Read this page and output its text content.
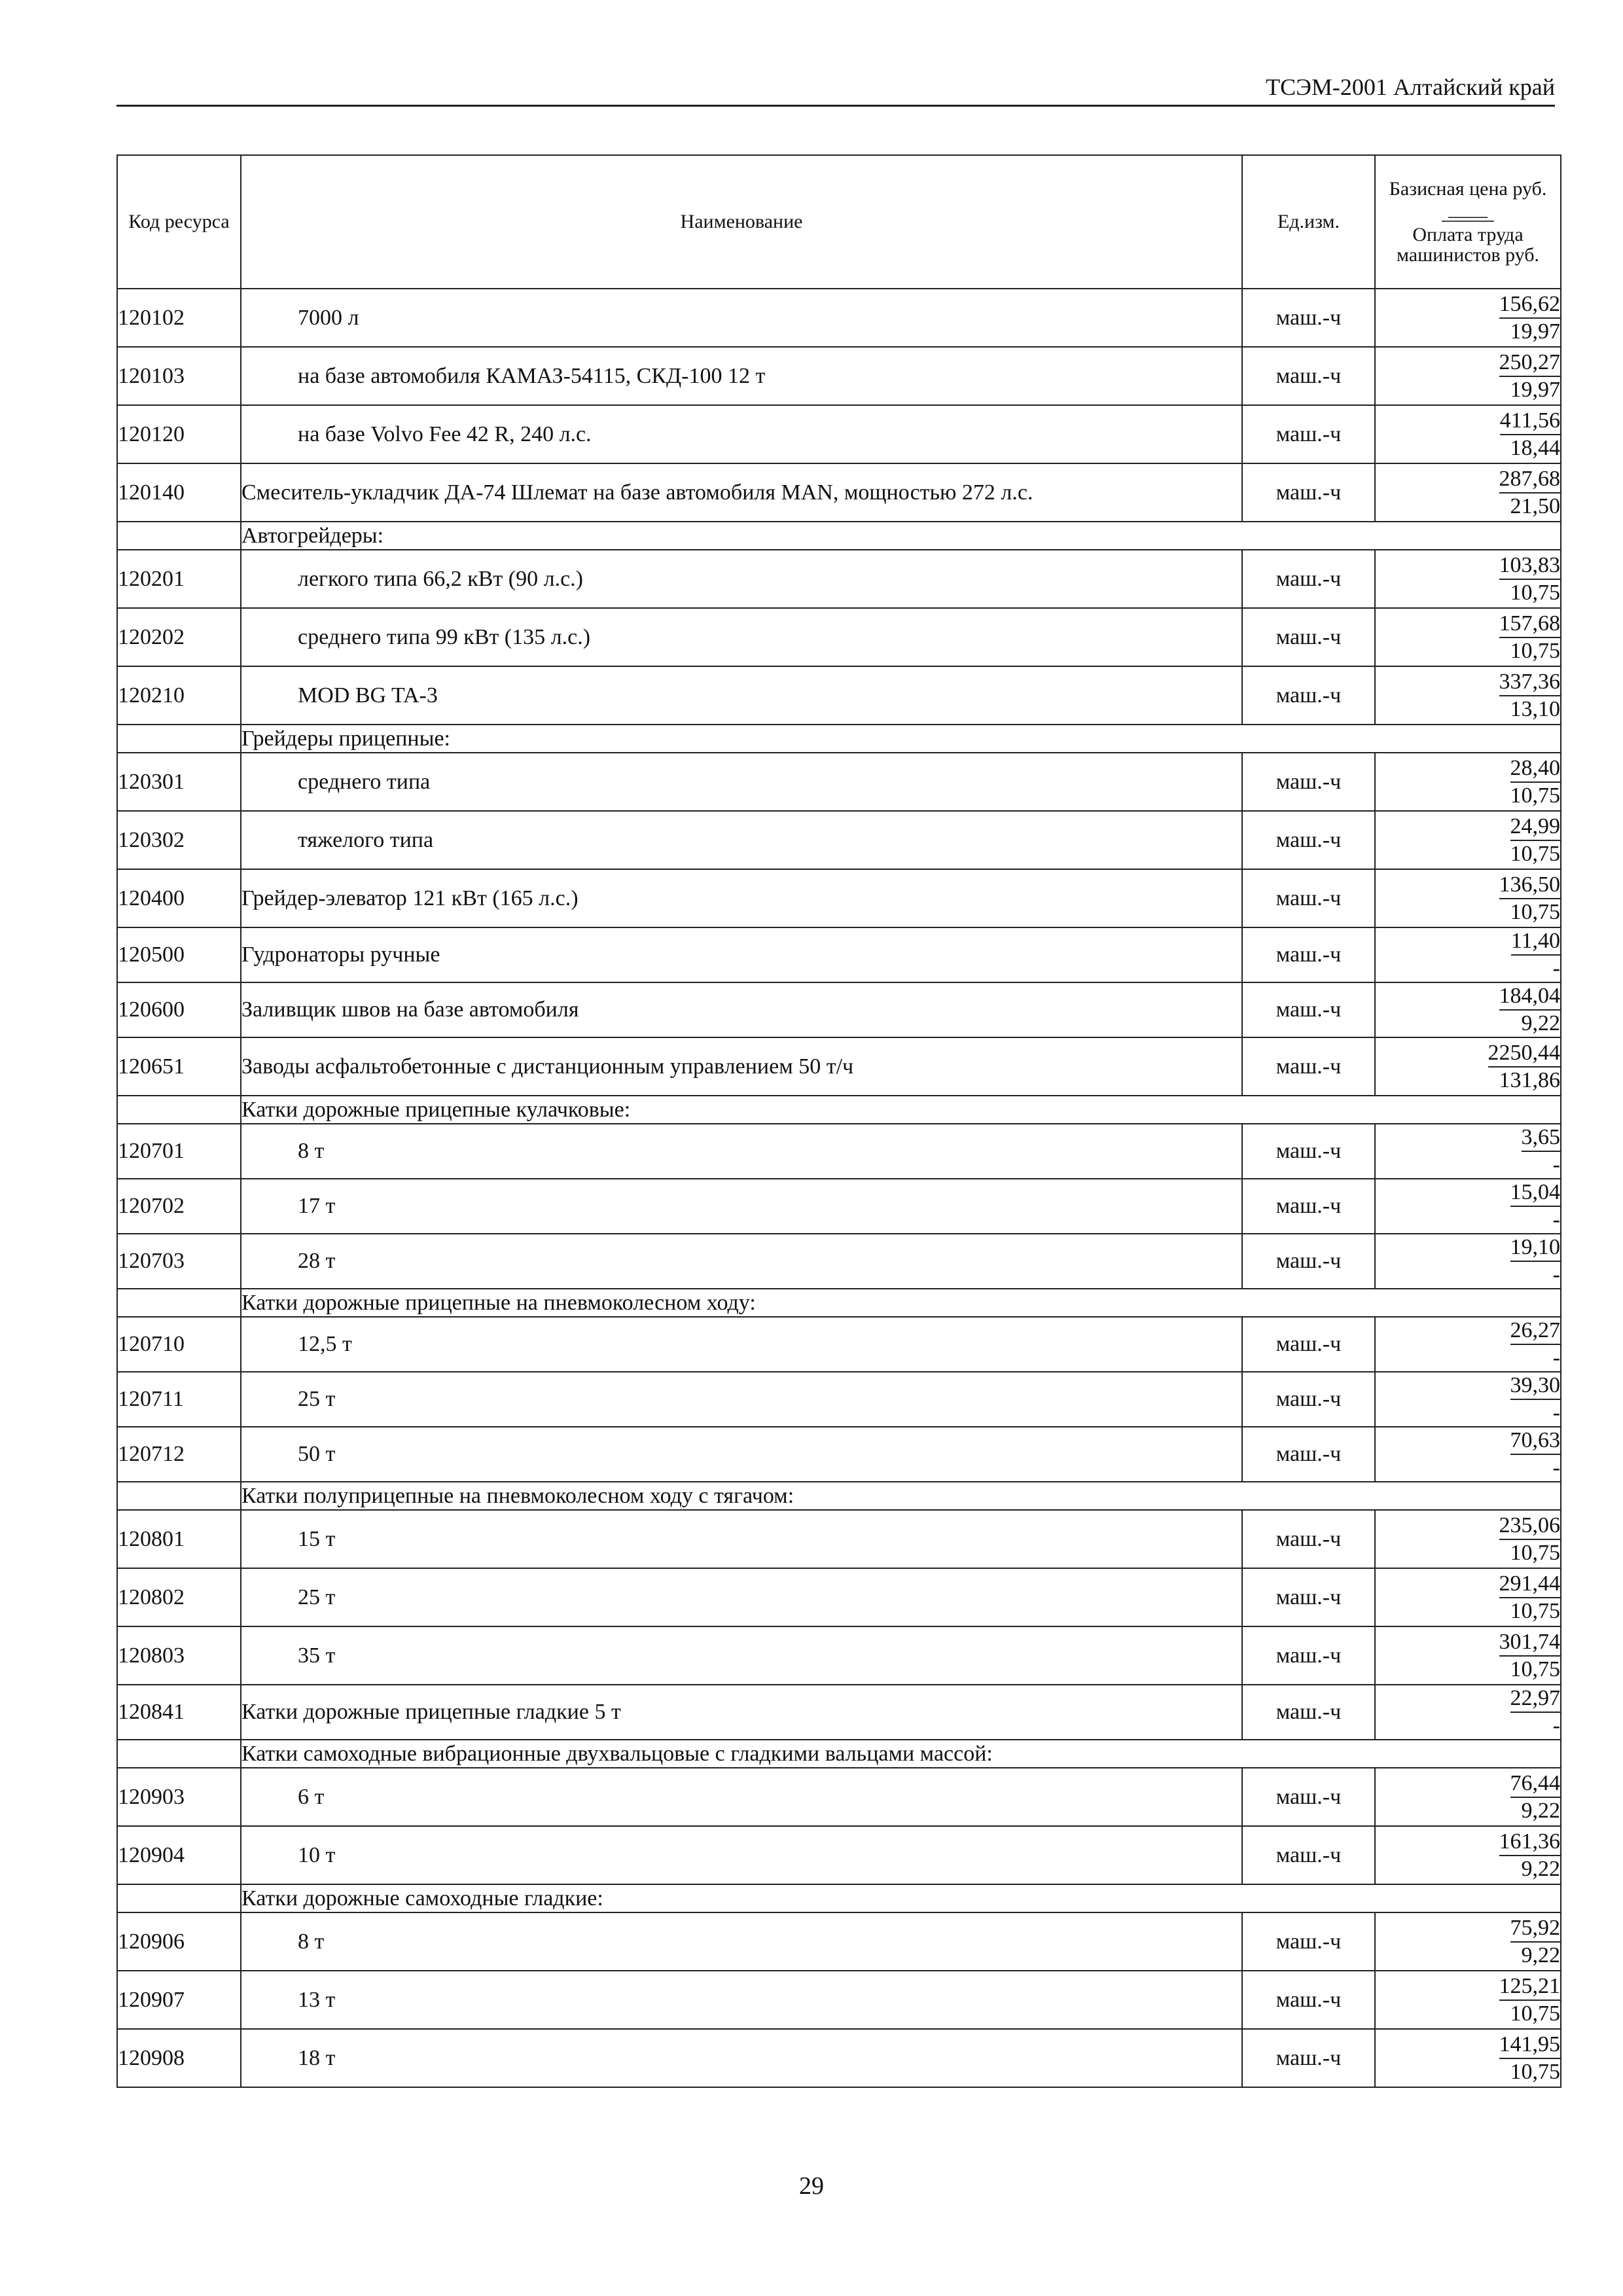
ТСЭМ-2001 Алтайский край
Код ресурса	Наименование	Ед.изм.	Базисная цена руб.
____
Оплата труда машинистов руб.

120102	7000 л	маш.-ч	$\frac{156,62}{19,97}$

120103	на базе автомобиля КАМАЗ-54115, СКД-100 12 т	маш.-ч	$\frac{250,27}{19,97}$

120120	на базе Volvo Fee 42 R, 240 л.с.	маш.-ч	$\frac{411,56}{18,44}$

120140	Смеситель-укладчик ДА-74 Шлемат на базе автомобиля MAN, мощностью 272 л.с.	маш.-ч	$\frac{287,68}{21,50}$

	Автогрейдеры:		
120201	легкого типа 66,2 кВт (90 л.с.)	маш.-ч	$\frac{103,83}{10,75}$

120202	среднего типа 99 кВт (135 л.с.)	маш.-ч	$\frac{157,68}{10,75}$

120210	MOD BG TA-3	маш.-ч	$\frac{337,36}{13,10}$

	Грейдеры прицепные:		
120301	среднего типа	маш.-ч	$\frac{28,40}{10,75}$

120302	тяжелого типа	маш.-ч	$\frac{24,99}{10,75}$

120400	Грейдер-элеватор 121 кВт (165 л.с.)	маш.-ч	$\frac{136,50}{10,75}$

120500	Гудронаторы ручные	маш.-ч	$\frac{11,40}{-}$

120600	Заливщик швов на базе автомобиля	маш.-ч	$\frac{184,04}{9,22}$

120651	Заводы асфальтобетонные с дистанционным управлением 50 т/ч	маш.-ч	$\frac{2250,44}{131,86}$

	Катки дорожные прицепные кулачковые:		
120701	8 т	маш.-ч	$\frac{3,65}{-}$

120702	17 т	маш.-ч	$\frac{15,04}{-}$

120703	28 т	маш.-ч	$\frac{19,10}{-}$

	Катки дорожные прицепные на пневмоколесном ходу:		
120710	12,5 т	маш.-ч	$\frac{26,27}{-}$

120711	25 т	маш.-ч	$\frac{39,30}{-}$

120712	50 т	маш.-ч	$\frac{70,63}{-}$

	Катки полуприцепные на пневмоколесном ходу с тягачом:		
120801	15 т	маш.-ч	$\frac{235,06}{10,75}$

120802	25 т	маш.-ч	$\frac{291,44}{10,75}$

120803	35 т	маш.-ч	$\frac{301,74}{10,75}$

120841	Катки дорожные прицепные гладкие 5 т	маш.-ч	$\frac{22,97}{-}$

	Катки самоходные вибрационные двухвальцовые с гладкими вальцами массой:		
120903	6 т	маш.-ч	$\frac{76,44}{9,22}$

120904	10 т	маш.-ч	$\frac{161,36}{9,22}$

	Катки дорожные самоходные гладкие:		
120906	8 т	маш.-ч	$\frac{75,92}{9,22}$

120907	13 т	маш.-ч	$\frac{125,21}{10,75}$

120908	18 т	маш.-ч	$\frac{141,95}{10,75}$
29
